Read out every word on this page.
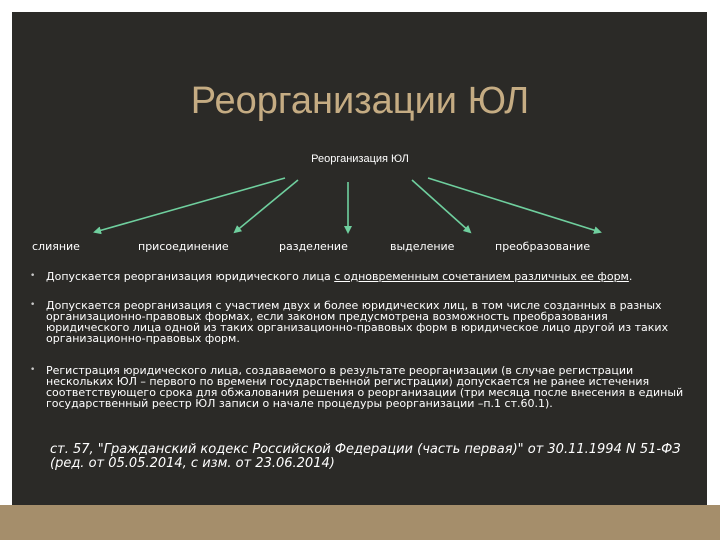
Реорганизации ЮЛ
Реорганизация ЮЛ
слияние	присоединение	разделение	выделение	преобразование
• Допускается реорганизация юридического лица с одновременным сочетанием различных ее форм.
• Допускается реорганизация с участием двух и более юридических лиц, в том числе созданных в разных организационно-правовых формах, если законом предусмотрена возможность преобразования юридического лица одной из таких организационно-правовых форм в юридическое лицо другой из таких организационно-правовых форм.
• Регистрация юридического лица, создаваемого в результате реорганизации (в случае регистрации нескольких ЮЛ – первого по времени государственной регистрации) допускается не ранее истечения соответствующего срока для обжалования решения о реорганизации (три месяца после внесения в единый государственный реестр ЮЛ записи о начале процедуры реорганизации –п.1 ст.60.1).
ст. 57, "Гражданский кодекс Российской Федерации (часть первая)" от 30.11.1994 N 51-ФЗ (ред. от 05.05.2014, с изм. от 23.06.2014)
